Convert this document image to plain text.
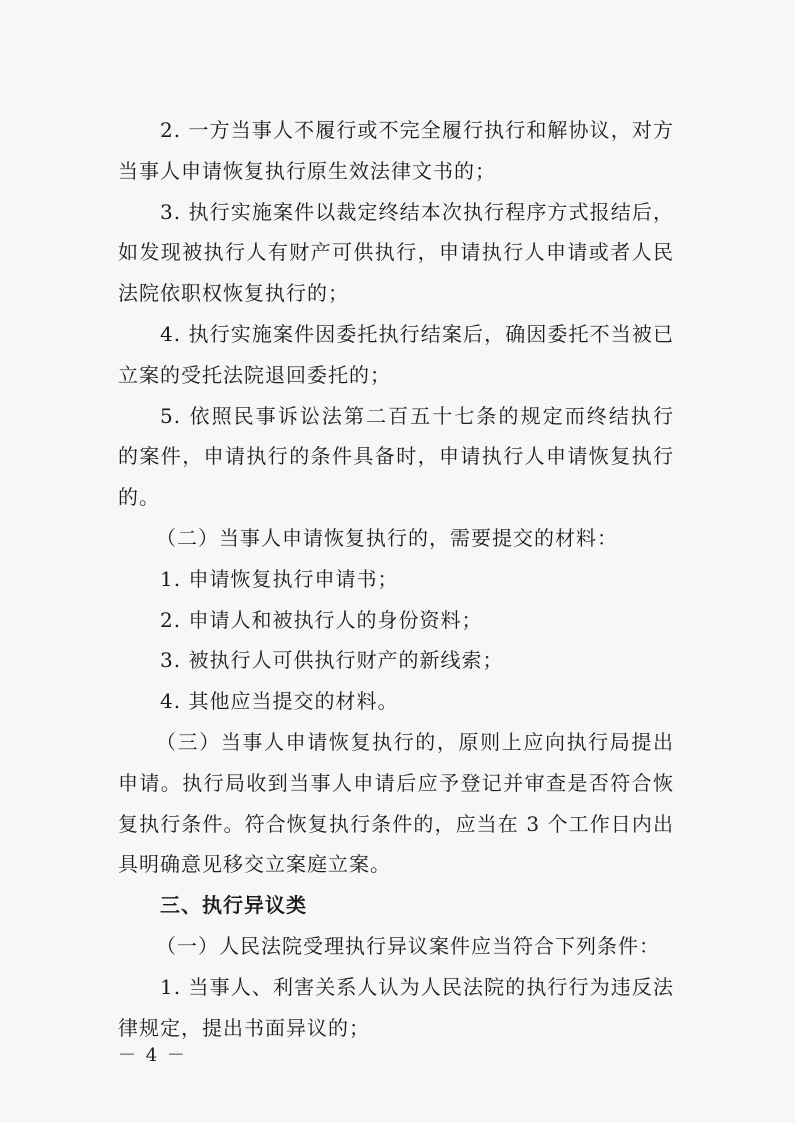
2. 一方当事人不履行或不完全履行执行和解协议，对方
当事人申请恢复执行原生效法律文书的；
3. 执行实施案件以裁定终结本次执行程序方式报结后，
如发现被执行人有财产可供执行，申请执行人申请或者人民
法院依职权恢复执行的；
4. 执行实施案件因委托执行结案后，确因委托不当被已
立案的受托法院退回委托的；
5. 依照民事诉讼法第二百五十七条的规定而终结执行
的案件，申请执行的条件具备时，申请执行人申请恢复执行
的。
（二）当事人申请恢复执行的，需要提交的材料：
1. 申请恢复执行申请书；
2. 申请人和被执行人的身份资料；
3. 被执行人可供执行财产的新线索；
4. 其他应当提交的材料。
（三）当事人申请恢复执行的，原则上应向执行局提出
申请。执行局收到当事人申请后应予登记并审查是否符合恢
复执行条件。符合恢复执行条件的，应当在 3 个工作日内出
具明确意见移交立案庭立案。
三、执行异议类
（一）人民法院受理执行异议案件应当符合下列条件：
－ 4 －
1. 当事人、利害关系人认为人民法院的执行行为违反法
律规定，提出书面异议的；
